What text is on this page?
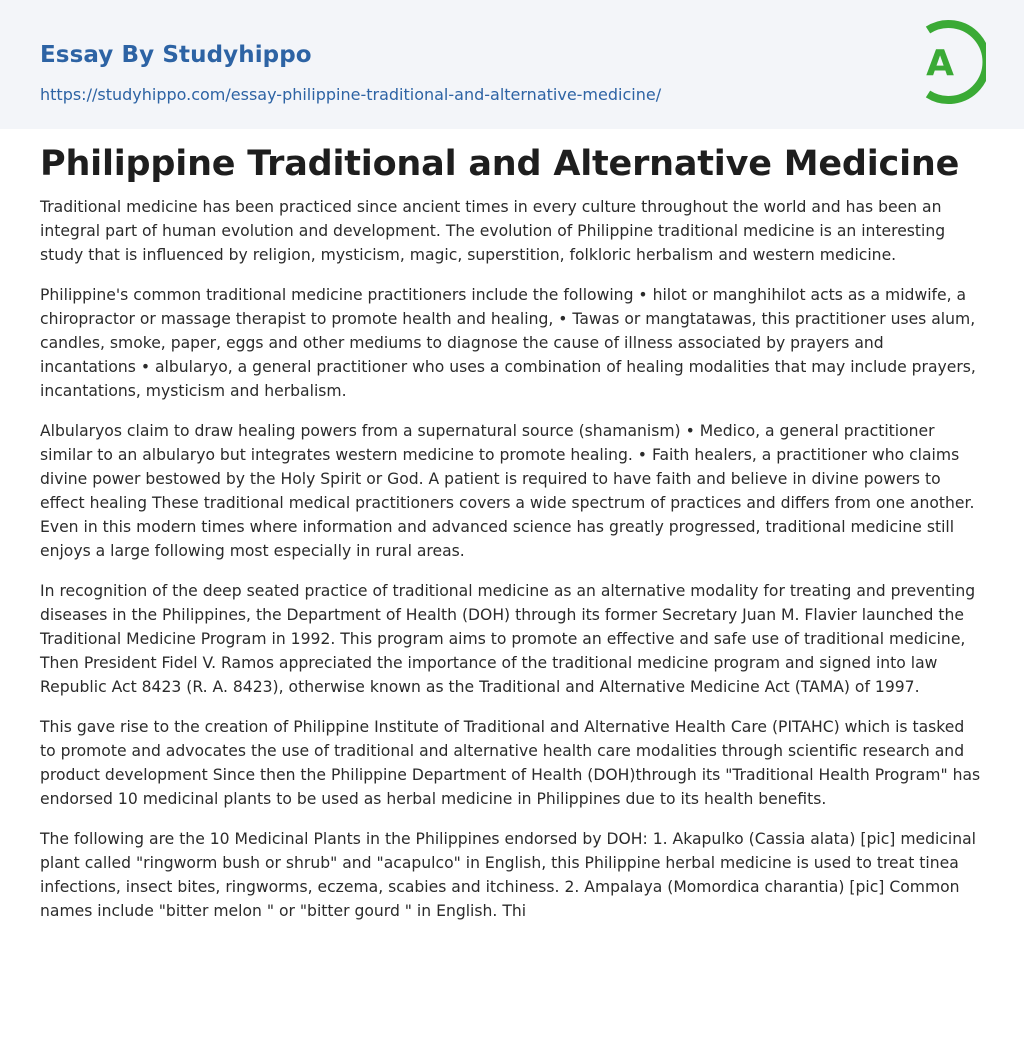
Essay By Studyhippo
https://studyhippo.com/essay-philippine-traditional-and-alternative-medicine/
A
Philippine Traditional and Alternative Medicine

Traditional medicine has been practiced since ancient times in every culture throughout the world and has been an integral part of human evolution and development. The evolution of Philippine traditional medicine is an interesting study that is influenced by religion, mysticism, magic, superstition, folkloric herbalism and western medicine.

Philippine's common traditional medicine practitioners include the following • hilot or manghihilot acts as a midwife, a chiropractor or massage therapist to promote health and healing, • Tawas or mangtatawas, this practitioner uses alum, candles, smoke, paper, eggs and other mediums to diagnose the cause of illness associated by prayers and incantations • albularyo, a general practitioner who uses a combination of healing modalities that may include prayers, incantations, mysticism and herbalism.

Albularyos claim to draw healing powers from a supernatural source (shamanism) • Medico, a general practitioner similar to an albularyo but integrates western medicine to promote healing. • Faith healers, a practitioner who claims divine power bestowed by the Holy Spirit or God. A patient is required to have faith and believe in divine powers to effect healing These traditional medical practitioners covers a wide spectrum of practices and differs from one another. Even in this modern times where information and advanced science has greatly progressed, traditional medicine still enjoys a large following most especially in rural areas.

In recognition of the deep seated practice of traditional medicine as an alternative modality for treating and preventing diseases in the Philippines, the Department of Health (DOH) through its former Secretary Juan M. Flavier launched the Traditional Medicine Program in 1992. This program aims to promote an effective and safe use of traditional medicine, Then President Fidel V. Ramos appreciated the importance of the traditional medicine program and signed into law Republic Act 8423 (R. A. 8423), otherwise known as the Traditional and Alternative Medicine Act (TAMA) of 1997.

This gave rise to the creation of Philippine Institute of Traditional and Alternative Health Care (PITAHC) which is tasked to promote and advocates the use of traditional and alternative health care modalities through scientific research and product development Since then the Philippine Department of Health (DOH)through its "Traditional Health Program" has endorsed 10 medicinal plants to be used as herbal medicine in Philippines due to its health benefits.

The following are the 10 Medicinal Plants in the Philippines endorsed by DOH: 1. Akapulko (Cassia alata) [pic] medicinal plant called "ringworm bush or shrub" and "acapulco" in English, this Philippine herbal medicine is used to treat tinea infections, insect bites, ringworms, eczema, scabies and itchiness. 2. Ampalaya (Momordica charantia) [pic] Common names include "bitter melon " or "bitter gourd " in English. Thi
